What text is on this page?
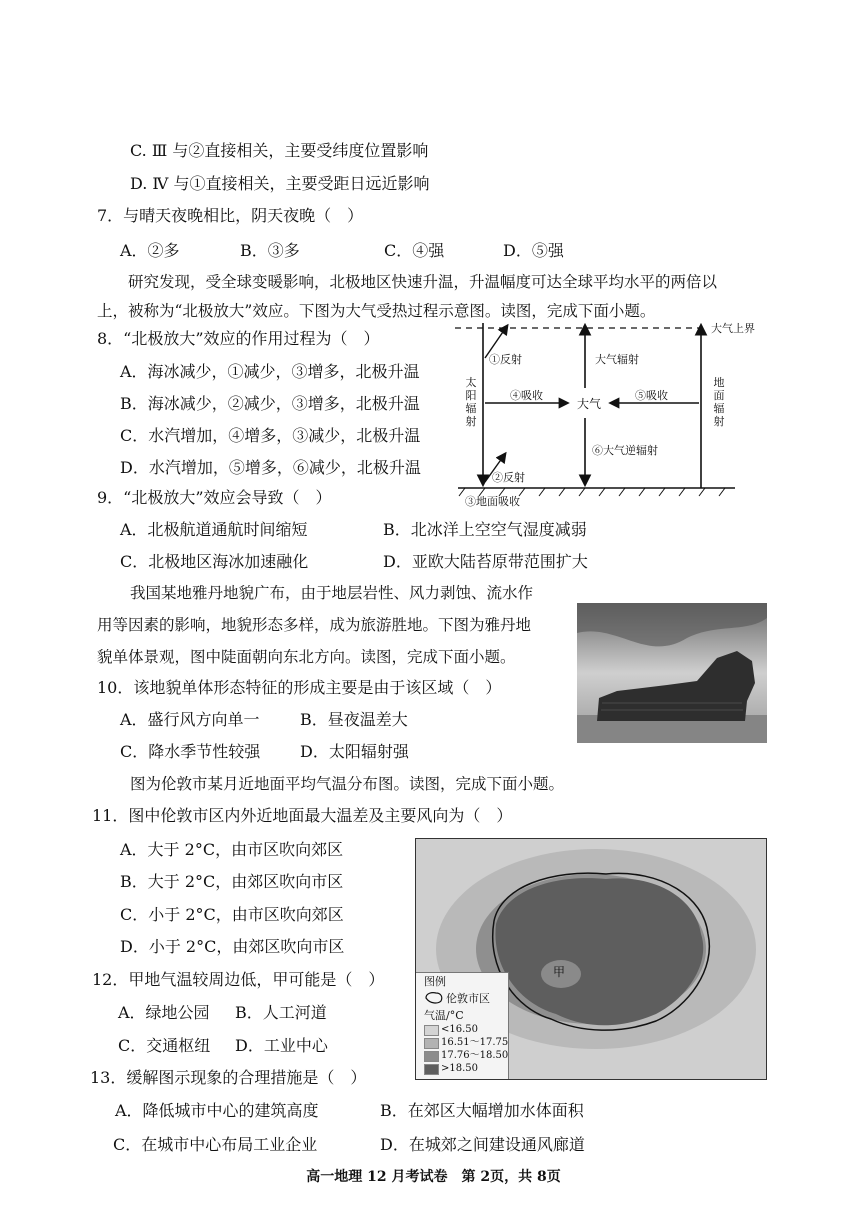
C. Ⅲ 与②直接相关，主要受纬度位置影响
D. Ⅳ 与①直接相关，主要受距日远近影响
7．与晴天夜晚相比，阴天夜晚（　）
A．②多	B．③多	C．④强	D．⑤强
研究发现，受全球变暖影响，北极地区快速升温，升温幅度可达全球平均水平的两倍以
上，被称为“北极放大”效应。下图为大气受热过程示意图。读图，完成下面小题。
8．“北极放大”效应的作用过程为（　）
A．海冰减少，①减少，③增多，北极升温
B．海冰减少，②减少，③增多，北极升温
C．水汽增加，④增多，③减少，北极升温
D．水汽增加，⑤增多，⑥减少，北极升温
9．“北极放大”效应会导致（　）
A．北极航道通航时间缩短	B．北冰洋上空空气湿度减弱
C．北极地区海冰加速融化	D．亚欧大陆苔原带范围扩大
我国某地雅丹地貌广布，由于地层岩性、风力剥蚀、流水作
用等因素的影响，地貌形态多样，成为旅游胜地。下图为雅丹地
貌单体景观，图中陡面朝向东北方向。读图，完成下面小题。
10．该地貌单体形态特征的形成主要是由于该区域（　）
A．盛行风方向单一	B．昼夜温差大
C．降水季节性较强 D．太阳辐射强
图为伦敦市某月近地面平均气温分布图。读图，完成下面小题。
11．图中伦敦市区内外近地面最大温差及主要风向为（　）
A．大于 2°C，由市区吹向郊区
B．大于 2°C，由郊区吹向市区
C．小于 2°C，由市区吹向郊区
D．小于 2°C，由郊区吹向市区
12．甲地气温较周边低，甲可能是（　）
A．绿地公园 B．人工河道
C．交通枢纽 D．工业中心
13．缓解图示现象的合理措施是（　）
A．降低城市中心的建筑高度	B．在郊区大幅增加水体面积
C．在城市中心布局工业企业	D．在城郊之间建设通风廊道
大气上界
①反射	大气辐射
太阳辐射
④吸收
大气
⑤吸收
地面辐射
⑥大气逆辐射
②反射
③地面吸收
甲
图例
伦敦市区
气温/°C
<16.50
16.51～17.75
17.76～18.50
>18.50
高一地理 12 月考试卷　第 2页，共 8页
